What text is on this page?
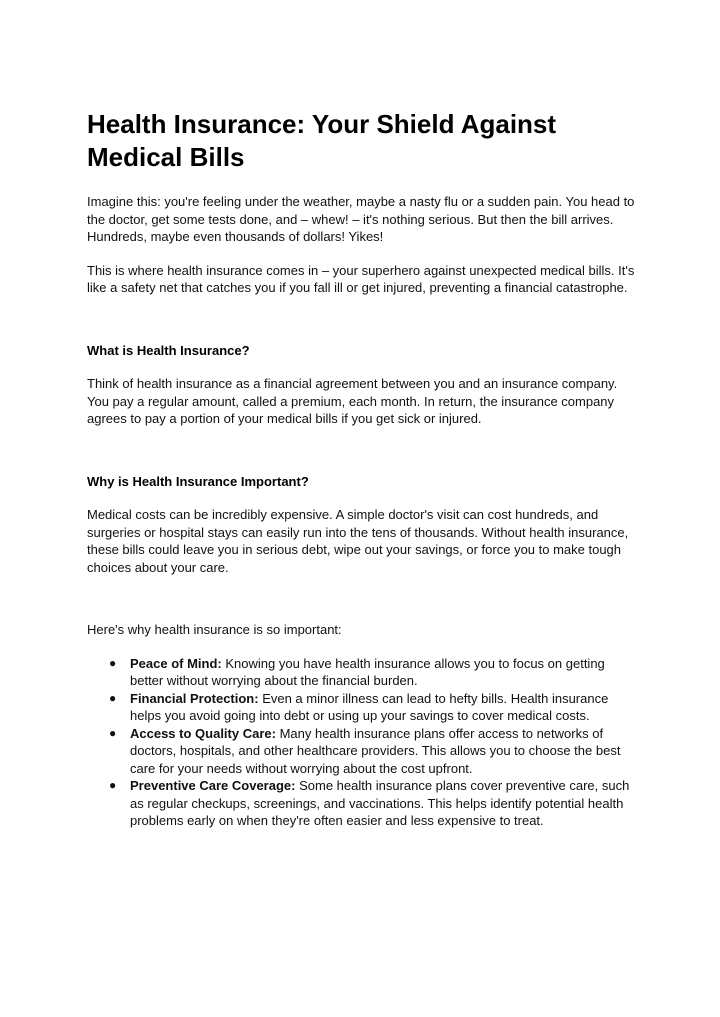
Health Insurance: Your Shield Against Medical Bills

Imagine this: you're feeling under the weather, maybe a nasty flu or a sudden pain. You head to the doctor, get some tests done, and – whew! – it's nothing serious. But then the bill arrives. Hundreds, maybe even thousands of dollars! Yikes!

This is where health insurance comes in – your superhero against unexpected medical bills. It's like a safety net that catches you if you fall ill or get injured, preventing a financial catastrophe.

What is Health Insurance?

Think of health insurance as a financial agreement between you and an insurance company. You pay a regular amount, called a premium, each month. In return, the insurance company agrees to pay a portion of your medical bills if you get sick or injured.

Why is Health Insurance Important?

Medical costs can be incredibly expensive. A simple doctor's visit can cost hundreds, and surgeries or hospital stays can easily run into the tens of thousands. Without health insurance, these bills could leave you in serious debt, wipe out your savings, or force you to make tough choices about your care.

Here's why health insurance is so important:

● Peace of Mind: Knowing you have health insurance allows you to focus on getting better without worrying about the financial burden.
● Financial Protection: Even a minor illness can lead to hefty bills. Health insurance helps you avoid going into debt or using up your savings to cover medical costs.
● Access to Quality Care: Many health insurance plans offer access to networks of doctors, hospitals, and other healthcare providers. This allows you to choose the best care for your needs without worrying about the cost upfront.
● Preventive Care Coverage: Some health insurance plans cover preventive care, such as regular checkups, screenings, and vaccinations. This helps identify potential health problems early on when they're often easier and less expensive to treat.
